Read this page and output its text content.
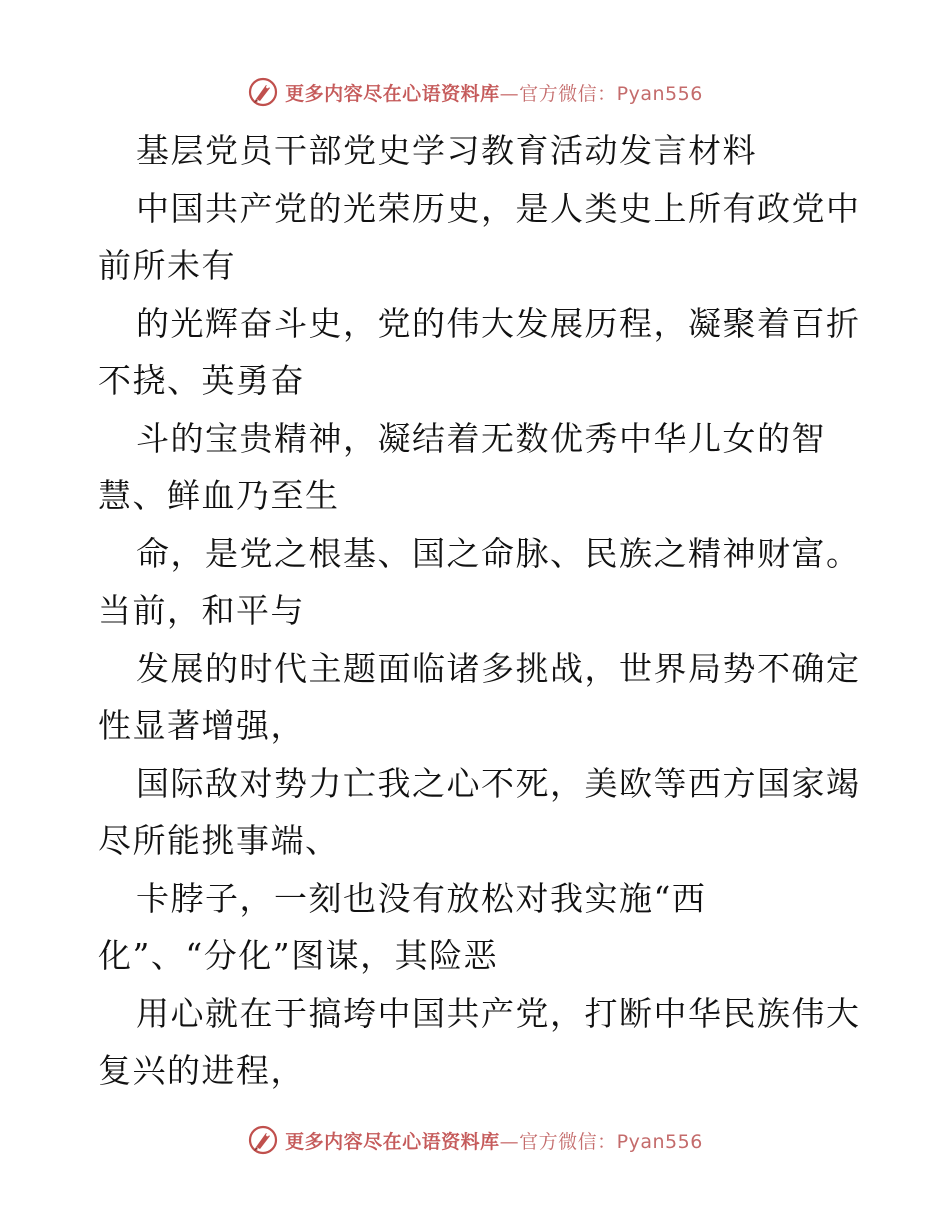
更多内容尽在心语资料库—官方微信：Pyan556
基层党员干部党史学习教育活动发言材料
中国共产党的光荣历史，是人类史上所有政党中
前所未有
的光辉奋斗史，党的伟大发展历程，凝聚着百折
不挠、英勇奋
斗的宝贵精神，凝结着无数优秀中华儿女的智
慧、鲜血乃至生
命，是党之根基、国之命脉、民族之精神财富。
当前，和平与
发展的时代主题面临诸多挑战，世界局势不确定
性显著增强，
国际敌对势力亡我之心不死，美欧等西方国家竭
尽所能挑事端、
卡脖子，一刻也没有放松对我实施“西
化”、“分化”图谋，其险恶
用心就在于搞垮中国共产党，打断中华民族伟大
复兴的进程，
更多内容尽在心语资料库—官方微信：Pyan556
